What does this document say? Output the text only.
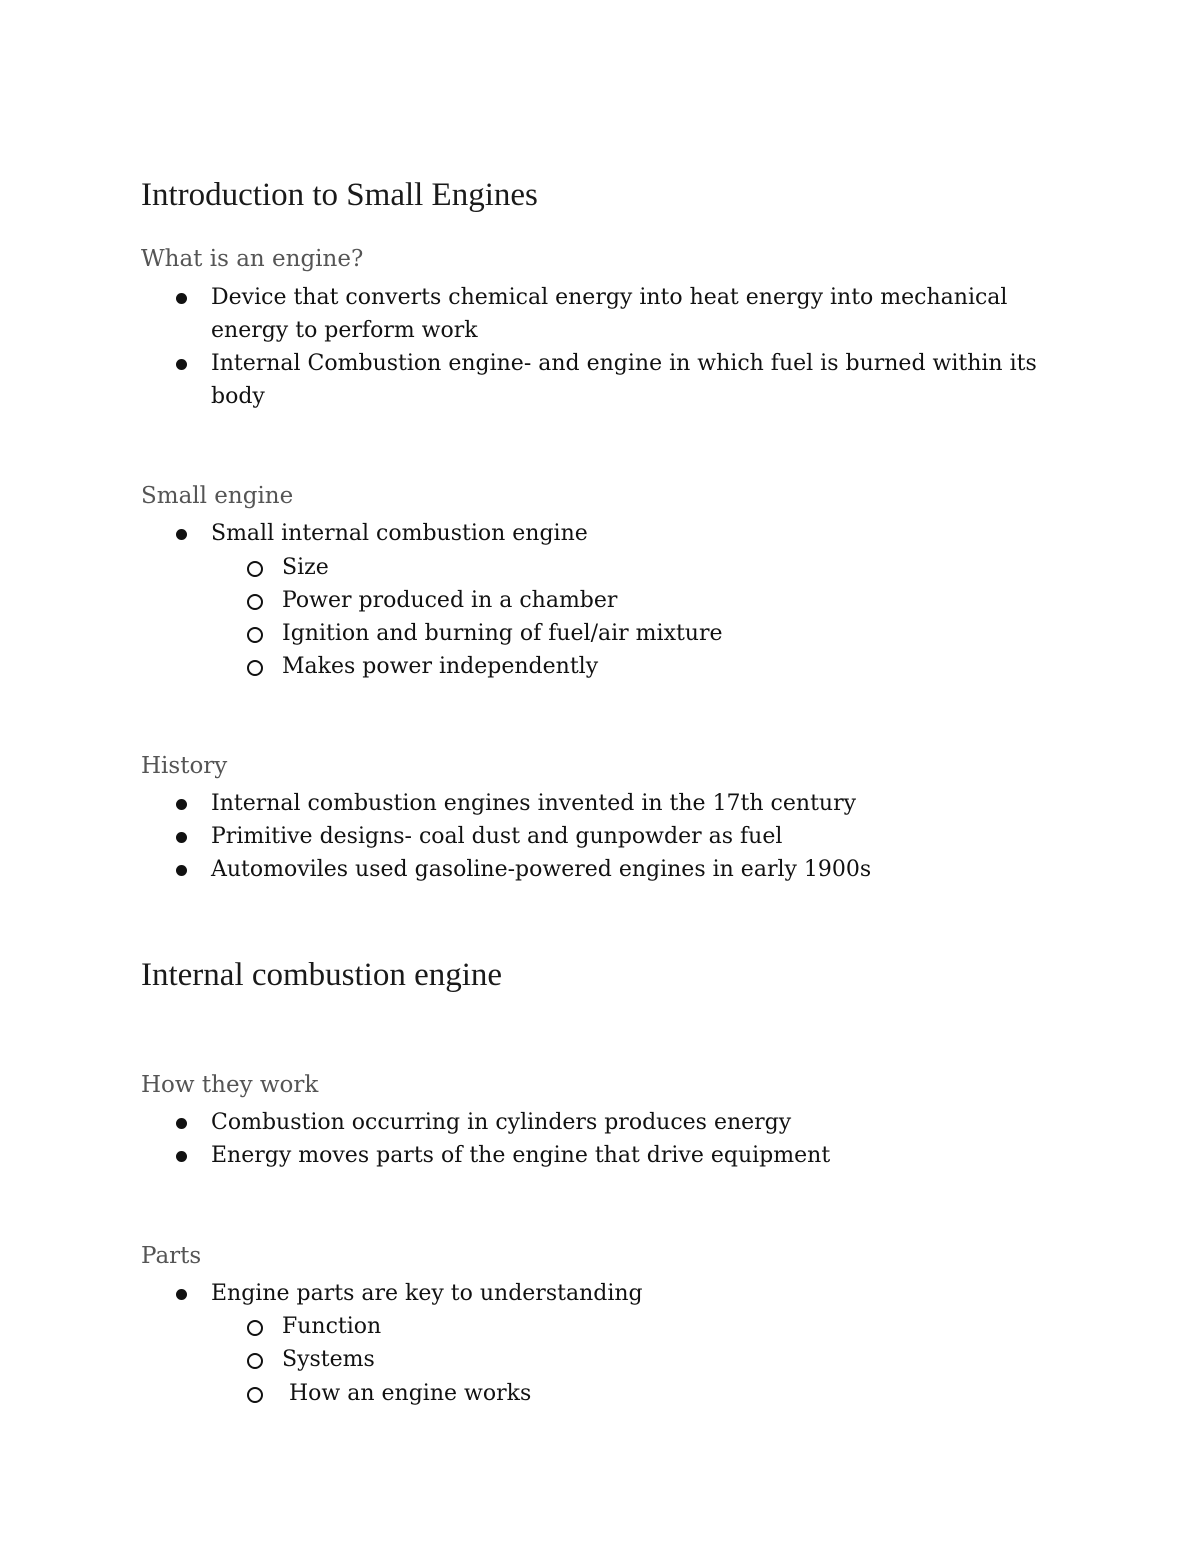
Introduction to Small Engines
What is an engine?
Device that converts chemical energy into heat energy into mechanical
energy to perform work
Internal Combustion engine- and engine in which fuel is burned within its
body
Small engine
Small internal combustion engine
Size
Power produced in a chamber
Ignition and burning of fuel/air mixture
Makes power independently
History
Internal combustion engines invented in the 17th century
Primitive designs- coal dust and gunpowder as fuel
Automoviles used gasoline-powered engines in early 1900s
Internal combustion engine
How they work
Combustion occurring in cylinders produces energy
Energy moves parts of the engine that drive equipment
Parts
Engine parts are key to understanding
Function
Systems
How an engine works
